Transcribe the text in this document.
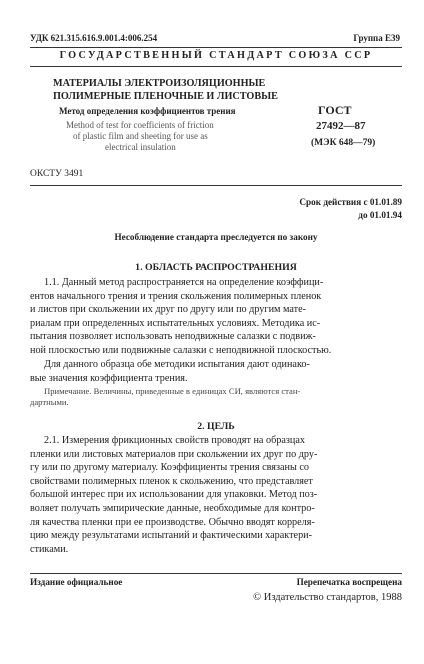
УДК 621.315.616.9.001.4:006.254	Группа Е39
ГОСУДАРСТВЕННЫЙ СТАНДАРТ СОЮЗА ССР
МАТЕРИАЛЫ ЭЛЕКТРОИЗОЛЯЦИОННЫЕ
ПОЛИМЕРНЫЕ ПЛЕНОЧНЫЕ И ЛИСТОВЫЕ
Метод определения коэффициентов трения
Method of test for coefficients of friction
of plastic film and sheeting for use as
electrical insulation
ГОСТ
27492—87
(МЭК 648—79)
ОКСТУ 3491
Срок действия с 01.01.89
до 01.01.94
Несоблюдение стандарта преследуется по закону
1. ОБЛАСТЬ РАСПРОСТРАНЕНИЯ
1.1. Данный метод распространяется на определение коэффици-
ентов начального трения и трения скольжения полимерных пленок
и листов при скольжении их друг по другу или по другим мате-
риалам при определенных испытательных условиях. Методика ис-
пытания позволяет использовать неподвижные салазки с подвиж-
ной плоскостью или подвижные салазки с неподвижной плоскостью.
Для данного образца обе методики испытания дают одинако-
вые значения коэффициента трения.
Примечание. Величины, приведенные в единицах СИ, являются стан-
дартными.
2. ЦЕЛЬ
2.1. Измерения фрикционных свойств проводят на образцах
пленки или листовых материалов при скольжении их друг по дру-
гу или по другому материалу. Коэффициенты трения связаны со
свойствами полимерных пленок к скольжению, что представляет
большой интерес при их использовании для упаковки. Метод поз-
воляет получать эмпирические данные, необходимые для контро-
ля качества пленки при ее производстве. Обычно вводят корреля-
цию между результатами испытаний и фактическими характери-
стиками.
Издание официальное	Перепечатка воспрещена
© Издательство стандартов, 1988
